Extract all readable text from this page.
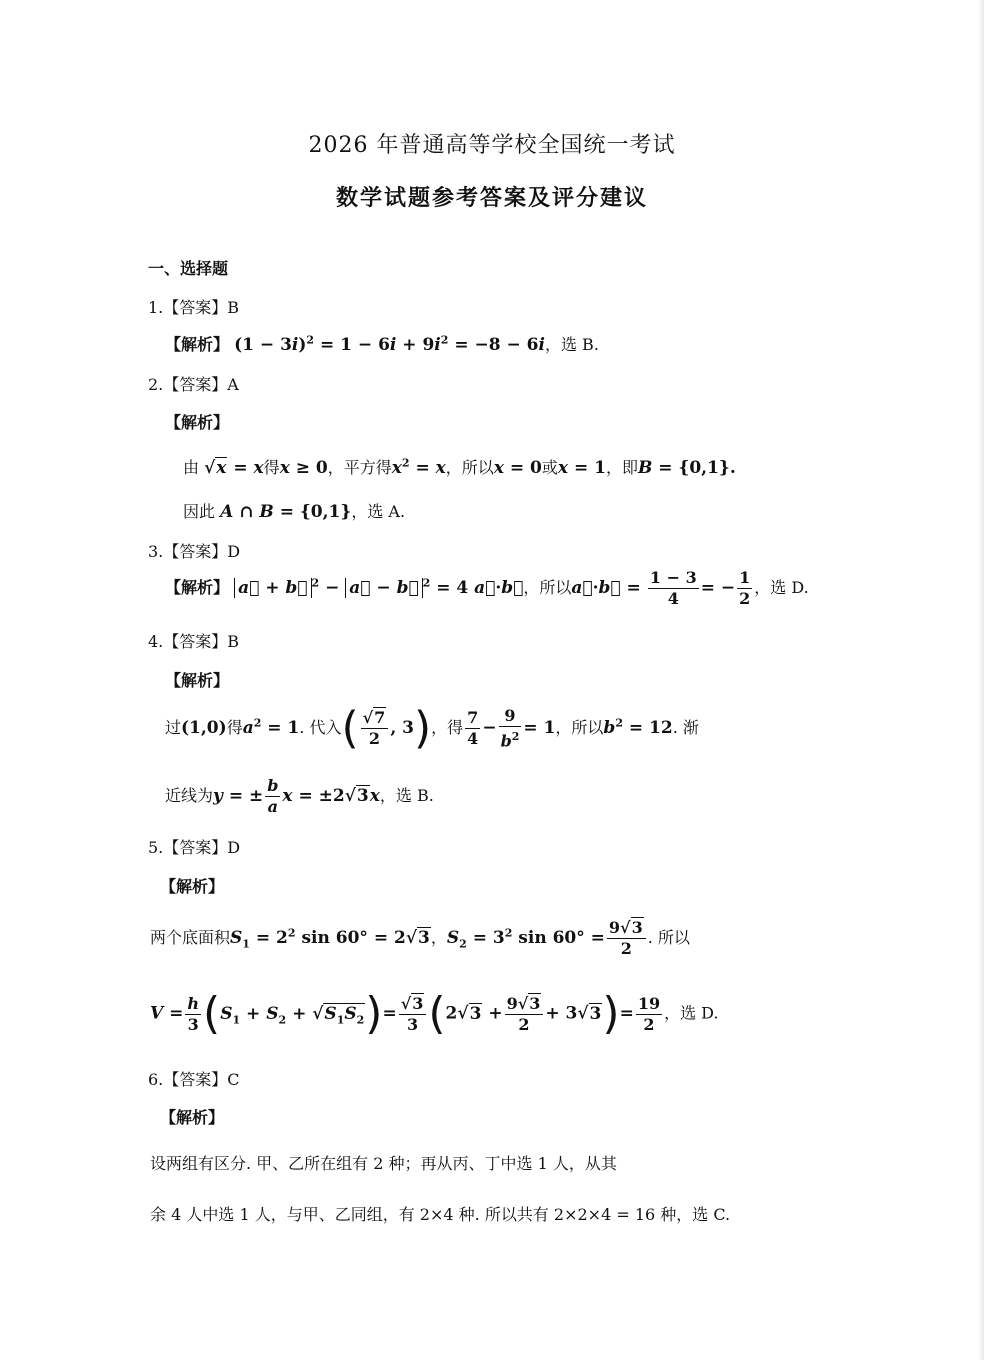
2026 年普通高等学校全国统一考试
数学试题参考答案及评分建议
一、选择题
1.【答案】B
【解析】 $(1 - 3i)^2 = 1 - 6i + 9i^2 = -8 - 6i$，选 B.
2.【答案】A
【解析】
由 √x = x得x ≥ 0，平方得$x^2 = x$，所以x = 0或x = 1，即B = {0,1}.
因此 A ∩ B = {0,1}，选 A.
3.【答案】D
【解析】 a⃗ + b⃗ $^2$ − a⃗ − b⃗ $^2$ = 4 a⃗·b⃗，所以a⃗·b⃗ = $\frac{1 - 3}{4}$ = − $\frac{1}{2}$ ，选 D.
4.【答案】B
【解析】
过(1,0)得$a^2 = 1$. 代入( $\frac{√7}{2}$ , 3)，得 $\frac{7}{4} - \frac{9}{b^2} = 1$，所以$b^2 = 12$. 渐
近线为y = ± $\frac{b}{a}$ x = ±2√3x，选 B.
5.【答案】D
【解析】
两个底面积$S_1 = 2^2$ sin 60° = 2√3，$S_2 = 3^2$ $\sin 60^\circ = \frac{9√3}{2}$ . 所以
$V = \frac{h}{3} (S_1 + S_2 + √S_1S_2)= \frac{√3}{3} (2√3 + \frac{9√3}{2} + 3√3)= \frac{19}{2}$ ，选 D.
6.【答案】C
【解析】
设两组有区分. 甲、乙所在组有 2 种；再从丙、丁中选 1 人，从其
余 4 人中选 1 人，与甲、乙同组，有 2×4 种. 所以共有 2×2×4 = 16 种，选 C.
